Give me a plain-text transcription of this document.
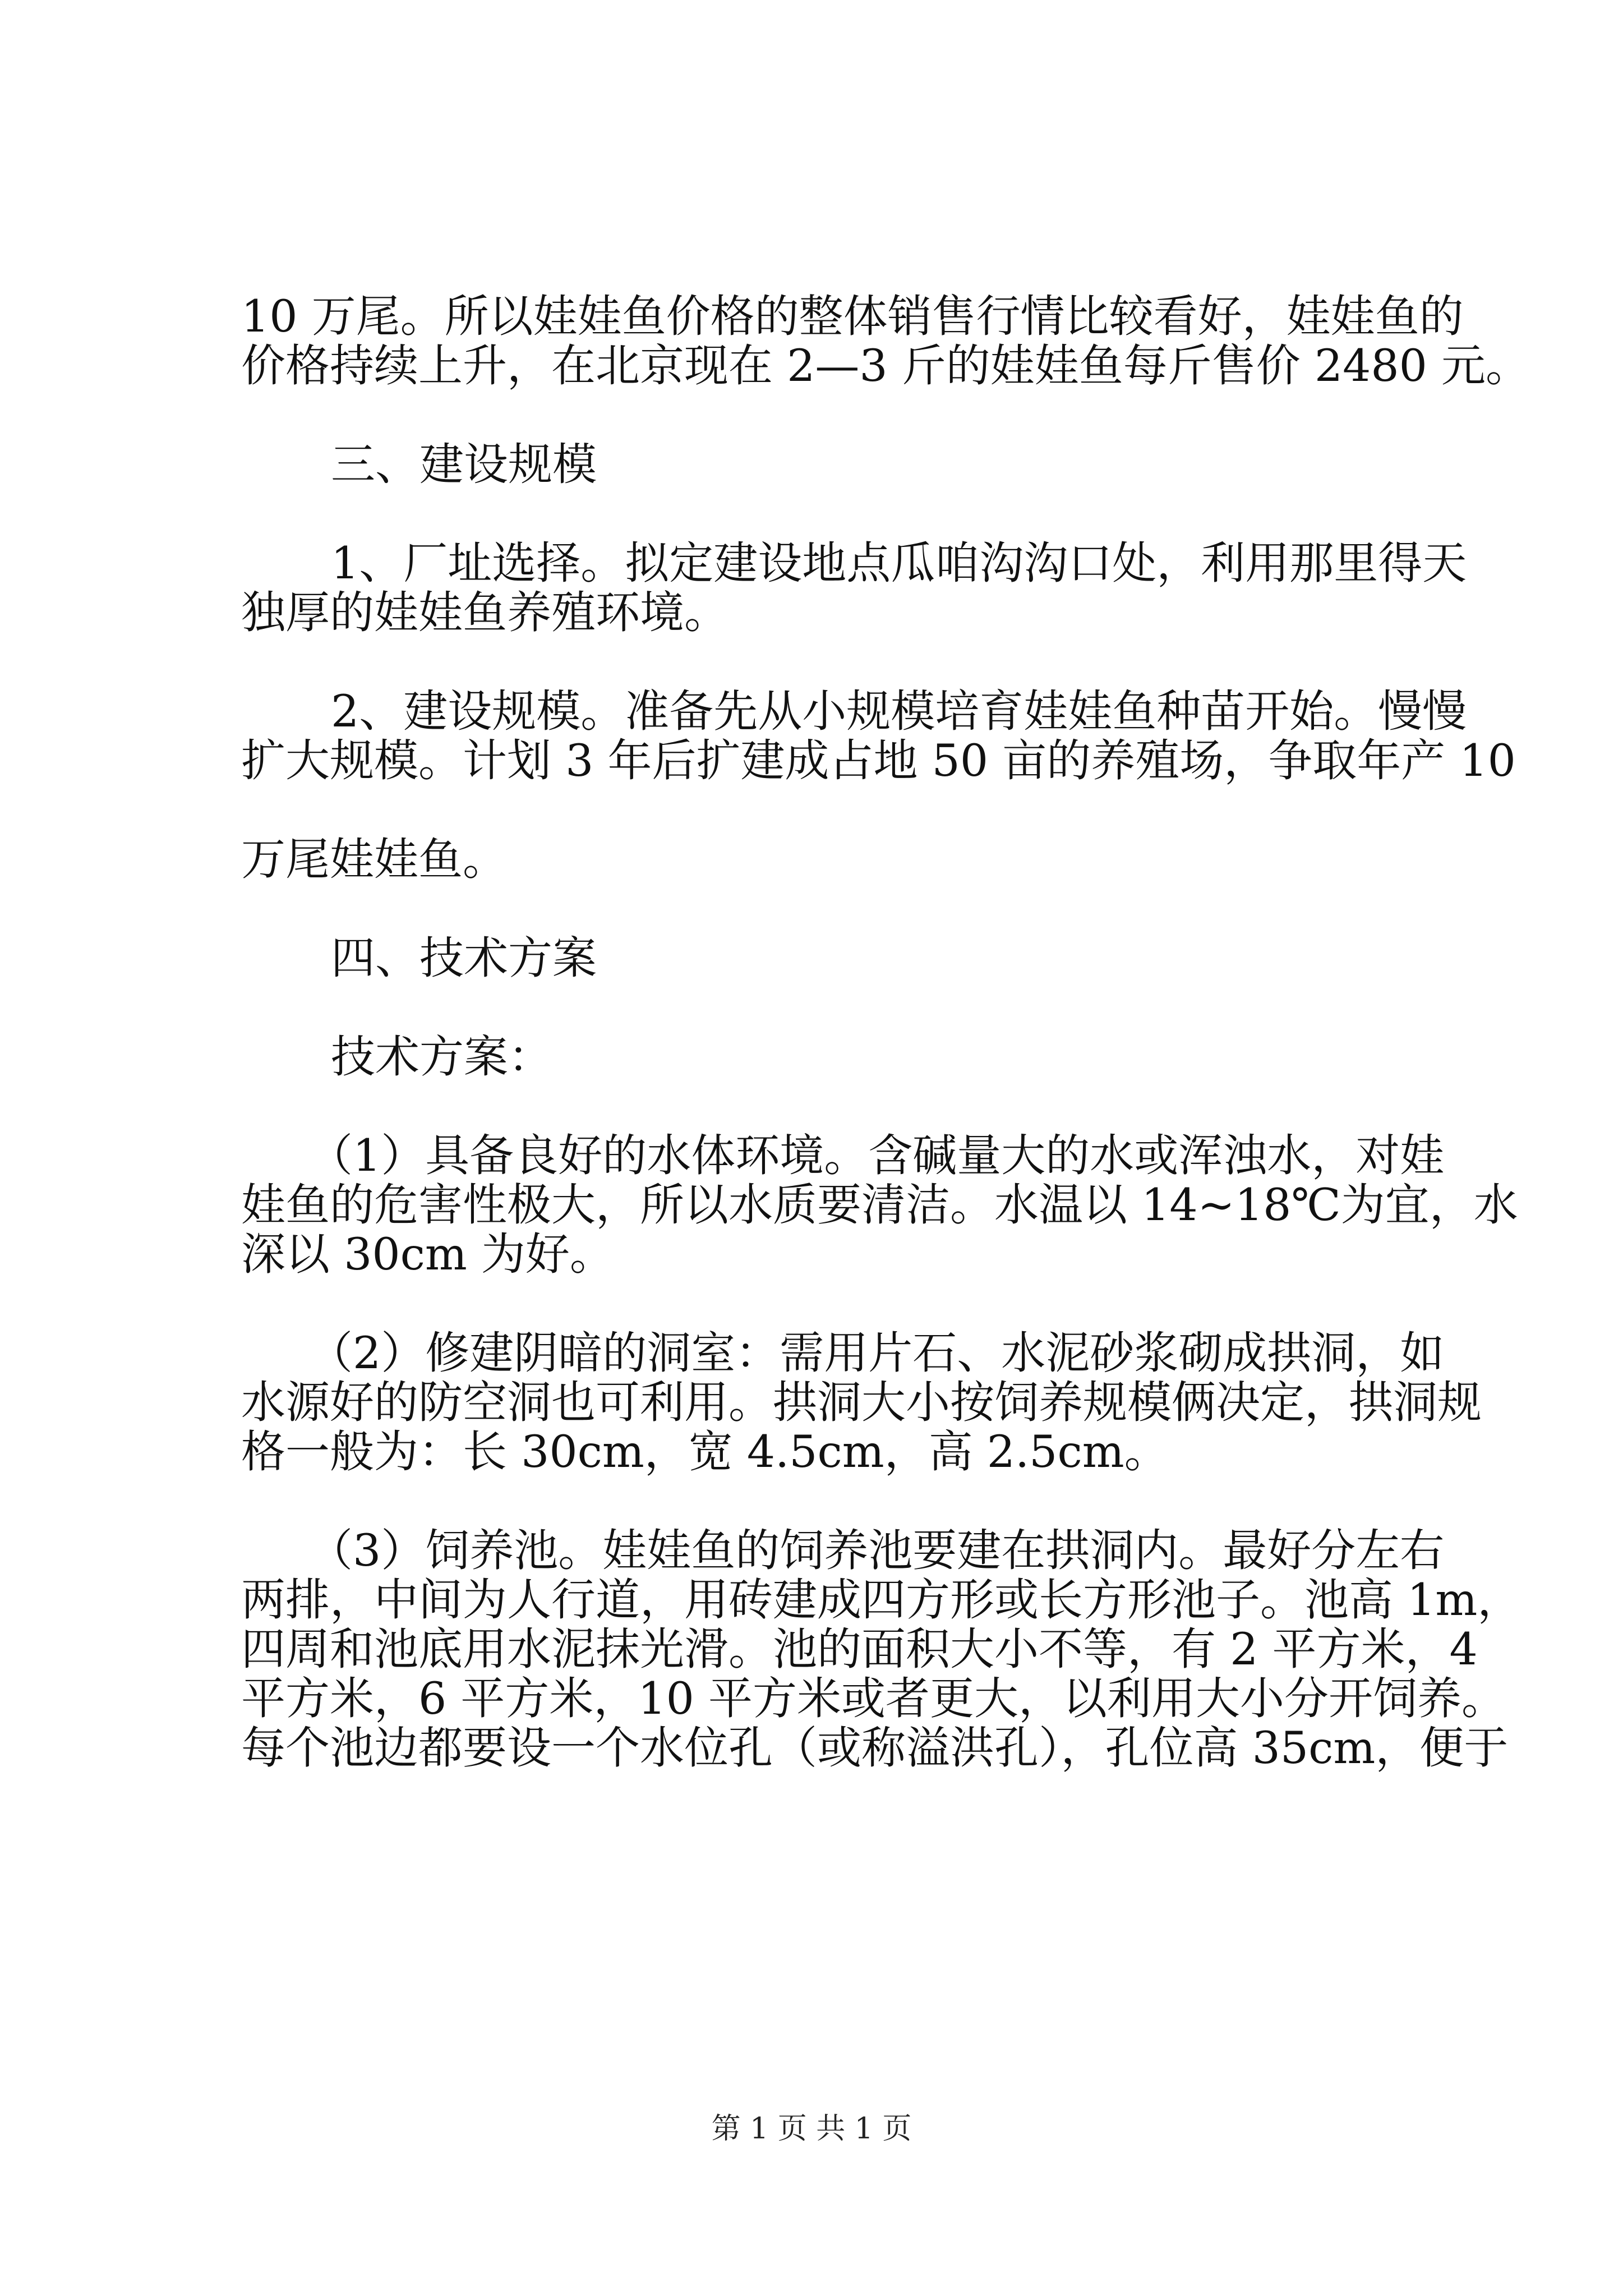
10 万尾。所以娃娃鱼价格的整体销售行情比较看好，娃娃鱼的
价格持续上升，在北京现在 2—3 斤的娃娃鱼每斤售价 2480 元。
三、建设规模
1、厂址选择。拟定建设地点瓜咱沟沟口处，利用那里得天
独厚的娃娃鱼养殖环境。
2、建设规模。准备先从小规模培育娃娃鱼种苗开始。慢慢
扩大规模。计划 3 年后扩建成占地 50 亩的养殖场，争取年产 10
万尾娃娃鱼。
四、技术方案
技术方案：
（1）具备良好的水体环境。含碱量大的水或浑浊水，对娃
娃鱼的危害性极大，所以水质要清洁。水温以 14~18℃为宜，水
深以 30cm 为好。
（2）修建阴暗的洞室：需用片石、水泥砂浆砌成拱洞，如
水源好的防空洞也可利用。拱洞大小按饲养规模俩决定，拱洞规
格一般为：长 30cm，宽 4.5cm，高 2.5cm。
（3）饲养池。娃娃鱼的饲养池要建在拱洞内。最好分左右
两排，中间为人行道，用砖建成四方形或长方形池子。池高 1m，
四周和池底用水泥抹光滑。池的面积大小不等，有 2 平方米，4
平方米，6 平方米，10 平方米或者更大，以利用大小分开饲养。
每个池边都要设一个水位孔（或称溢洪孔），孔位高 35cm，便于
第 1 页 共 1 页
